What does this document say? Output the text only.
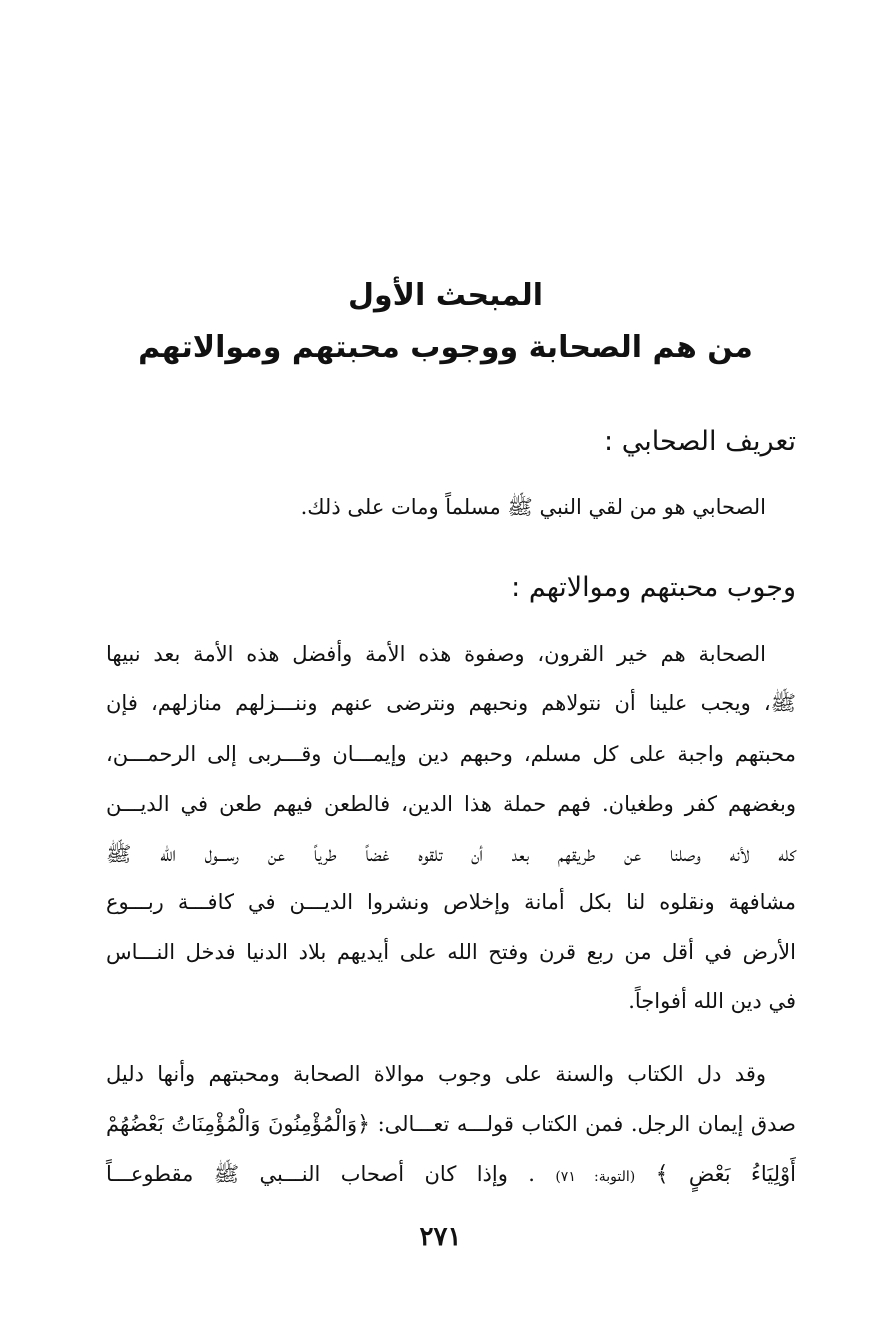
المبحث الأول
من هم الصحابة ووجوب محبتهم وموالاتهم
تعريف الصحابي :
الصحابي هو من لقي النبي ﷺ مسلماً ومات على ذلك.
وجوب محبتهم وموالاتهم :
الصحابة هم خير القرون، وصفوة هذه الأمة وأفضل هذه الأمة بعد نبيها
ﷺ، ويجب علينا أن نتولاهم ونحبهم ونترضى عنهم وننـــزلهم منازلهم، فإن
محبتهم واجبة على كل مسلم، وحبهم دين وإيمـــان وقـــربى إلى الرحمـــن،
وبغضهم كفر وطغيان. فهم حملة هذا الدين، فالطعن فيهم طعن في الديـــن
كله لأنه وصلنا عن طريقهم بعد أن تلقوه غضاً طرياً عن رســـول الله ﷺ
مشافهة ونقلوه لنا بكل أمانة وإخلاص ونشروا الديـــن في كافـــة ربـــوع
الأرض في أقل من ربع قرن وفتح الله على أيديهم بلاد الدنيا فدخل النـــاس
في دين الله أفواجاً.
وقد دل الكتاب والسنة على وجوب موالاة الصحابة ومحبتهم وأنها دليل
صدق إيمان الرجل. فمن الكتاب قولـــه تعـــالى: ﴿وَالْمُؤْمِنُونَ وَالْمُؤْمِنَاتُ بَعْضُهُمْ
أَوْلِيَاءُ بَعْضٍ ﴾ (التوبة: ٧١) . وإذا كان أصحاب النـــبي ﷺ مقطوعـــاً
٢٧١
